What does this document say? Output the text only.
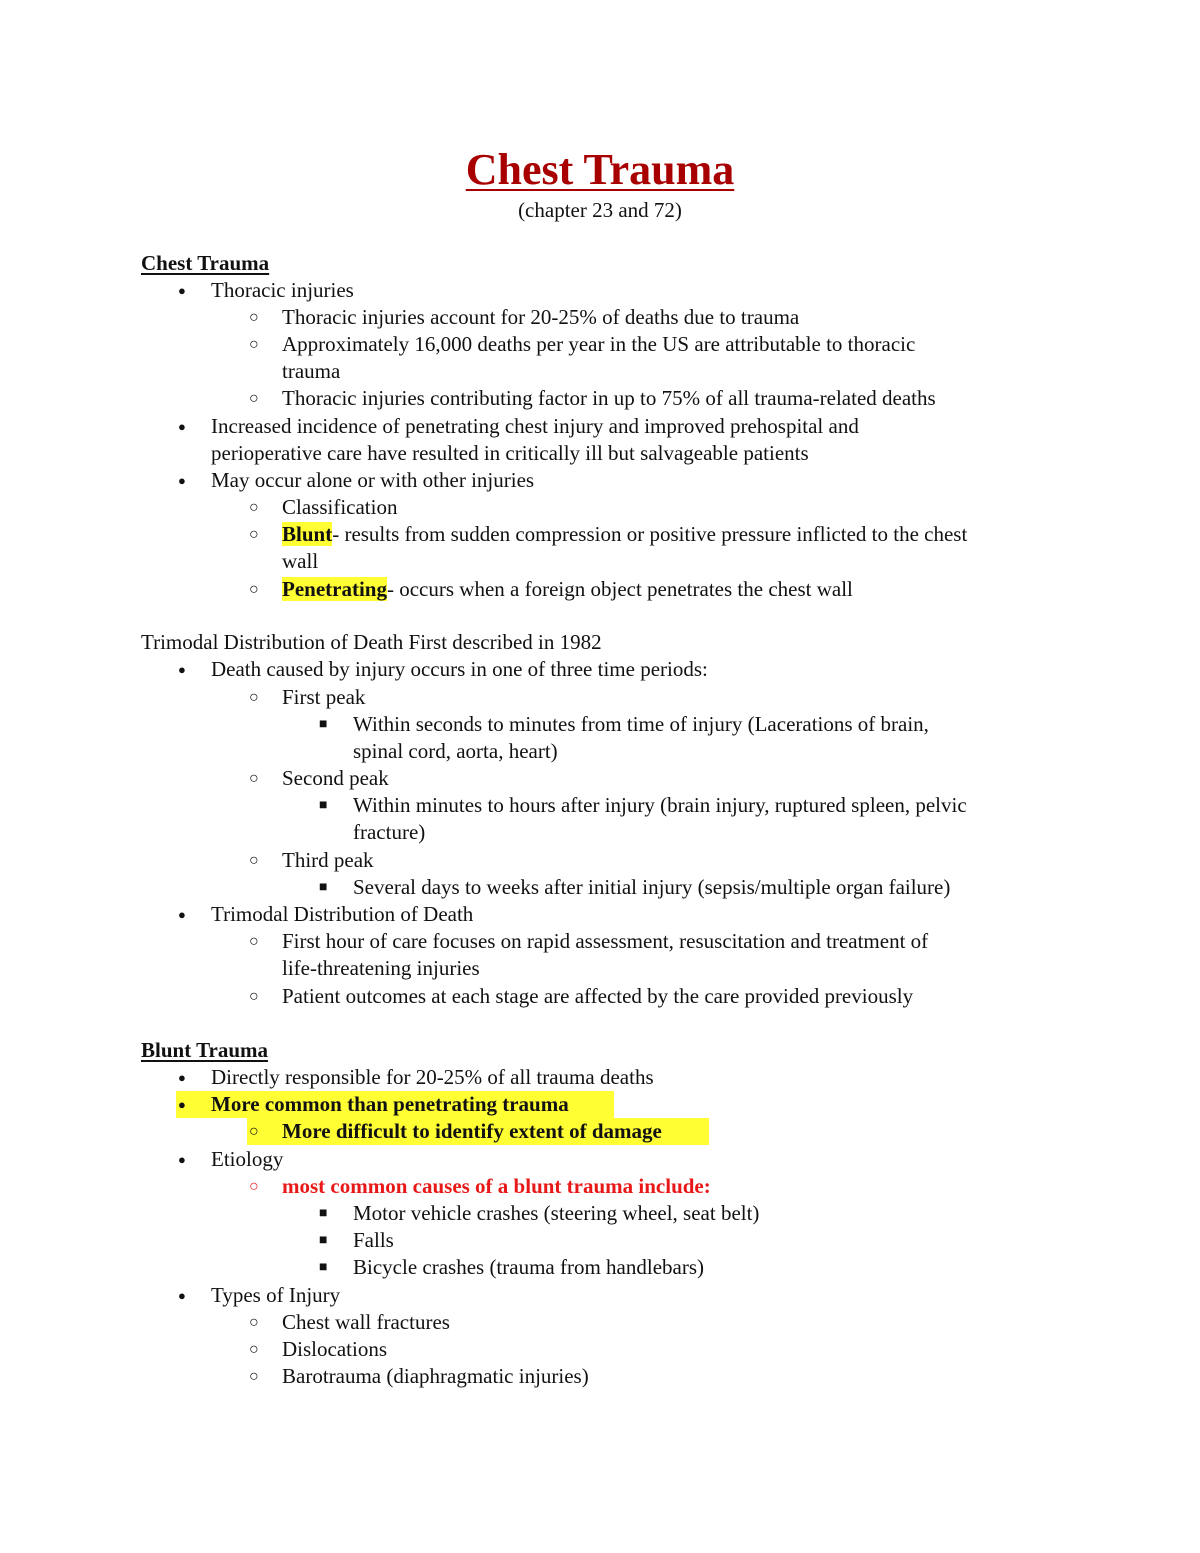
Chest Trauma

(chapter 23 and 72)

Chest Trauma

● Thoracic injuries

○ Thoracic injuries account for 20-25% of deaths due to trauma

○ Approximately 16,000 deaths per year in the US are attributable to thoracic

trauma

○ Thoracic injuries contributing factor in up to 75% of all trauma-related deaths

● Increased incidence of penetrating chest injury and improved prehospital and

perioperative care have resulted in critically ill but salvageable patients

● May occur alone or with other injuries

○ Classification

○ Blunt- results from sudden compression or positive pressure inflicted to the chest

wall

○ Penetrating- occurs when a foreign object penetrates the chest wall

Trimodal Distribution of Death First described in 1982

● Death caused by injury occurs in one of three time periods:

○ First peak

■ Within seconds to minutes from time of injury (Lacerations of brain,

spinal cord, aorta, heart)

○ Second peak

■ Within minutes to hours after injury (brain injury, ruptured spleen, pelvic

fracture)

○ Third peak

■ Several days to weeks after initial injury (sepsis/multiple organ failure)

● Trimodal Distribution of Death

○ First hour of care focuses on rapid assessment, resuscitation and treatment of

life-threatening injuries

○ Patient outcomes at each stage are affected by the care provided previously

Blunt Trauma

● Directly responsible for 20-25% of all trauma deaths

● More common than penetrating trauma

○ More difficult to identify extent of damage

● Etiology

○ most common causes of a blunt trauma include:

■ Motor vehicle crashes (steering wheel, seat belt)

■ Falls

■ Bicycle crashes (trauma from handlebars)

● Types of Injury

○ Chest wall fractures

○ Dislocations

○ Barotrauma (diaphragmatic injuries)
